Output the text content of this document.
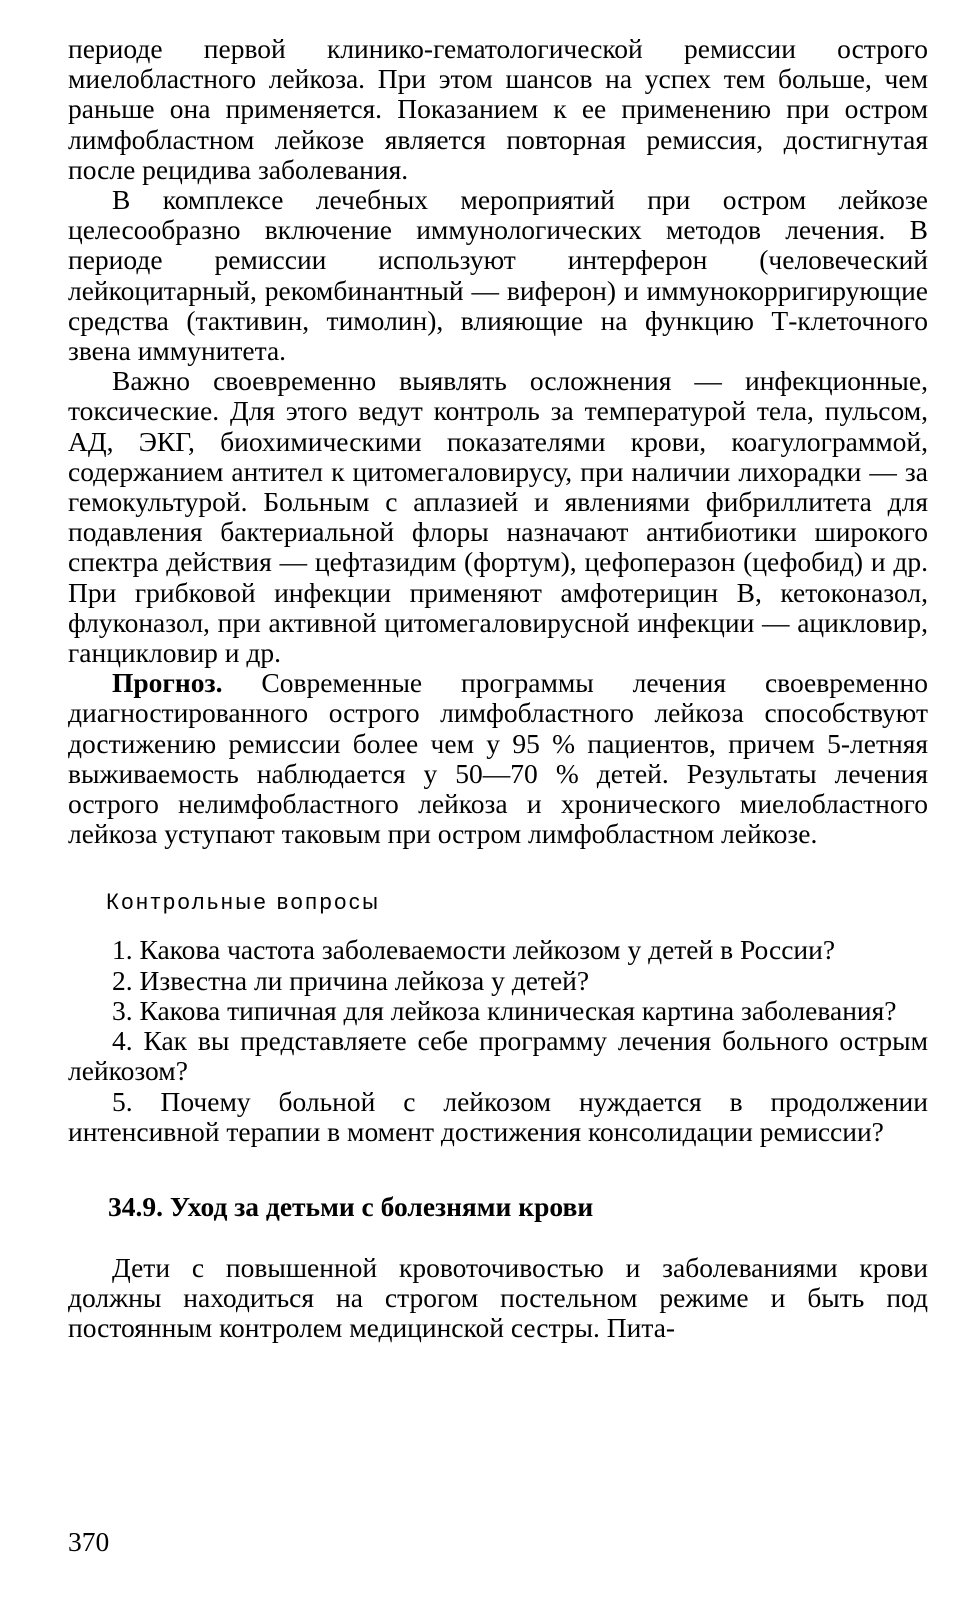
периоде первой клинико-гематологической ремиссии острого миелобластного лейкоза. При этом шансов на успех тем больше, чем раньше она применяется. Показанием к ее применению при остром лимфобластном лейкозе является повторная ремиссия, достигнутая после рецидива заболевания.

В комплексе лечебных мероприятий при остром лейкозе целесообразно включение иммунологических методов лечения. В периоде ремиссии используют интерферон (человеческий лейкоцитарный, рекомбинантный — виферон) и иммунокорригирующие средства (тактивин, тимолин), влияющие на функцию Т-клеточного звена иммунитета.

Важно своевременно выявлять осложнения — инфекционные, токсические. Для этого ведут контроль за температурой тела, пульсом, АД, ЭКГ, биохимическими показателями крови, коагулограммой, содержанием антител к цитомегаловирусу, при наличии лихорадки — за гемокультурой. Больным с аплазией и явлениями фибриллитета для подавления бактериальной флоры назначают антибиотики широкого спектра действия — цефтазидим (фортум), цефоперазон (цефобид) и др. При грибковой инфекции применяют амфотерицин В, кетоконазол, флуконазол, при активной цитомегаловирусной инфекции — ацикловир, ганцикловир и др.

Прогноз. Современные программы лечения своевременно диагностированного острого лимфобластного лейкоза способствуют достижению ремиссии более чем у 95 % пациентов, причем 5-летняя выживаемость наблюдается у 50—70 % детей. Результаты лечения острого нелимфобластного лейкоза и хронического миелобластного лейкоза уступают таковым при остром лимфобластном лейкозе.

Контрольные вопросы
1. Какова частота заболеваемости лейкозом у детей в России?
2. Известна ли причина лейкоза у детей?
3. Какова типичная для лейкоза клиническая картина заболевания?
4. Как вы представляете себе программу лечения больного острым лейкозом?
5. Почему больной с лейкозом нуждается в продолжении интенсивной терапии в момент достижения консолидации ремиссии?
34.9. Уход за детьми с болезнями крови

Дети с повышенной кровоточивостью и заболеваниями крови должны находиться на строгом постельном режиме и быть под постоянным контролем медицинской сестры. Пита-

370
